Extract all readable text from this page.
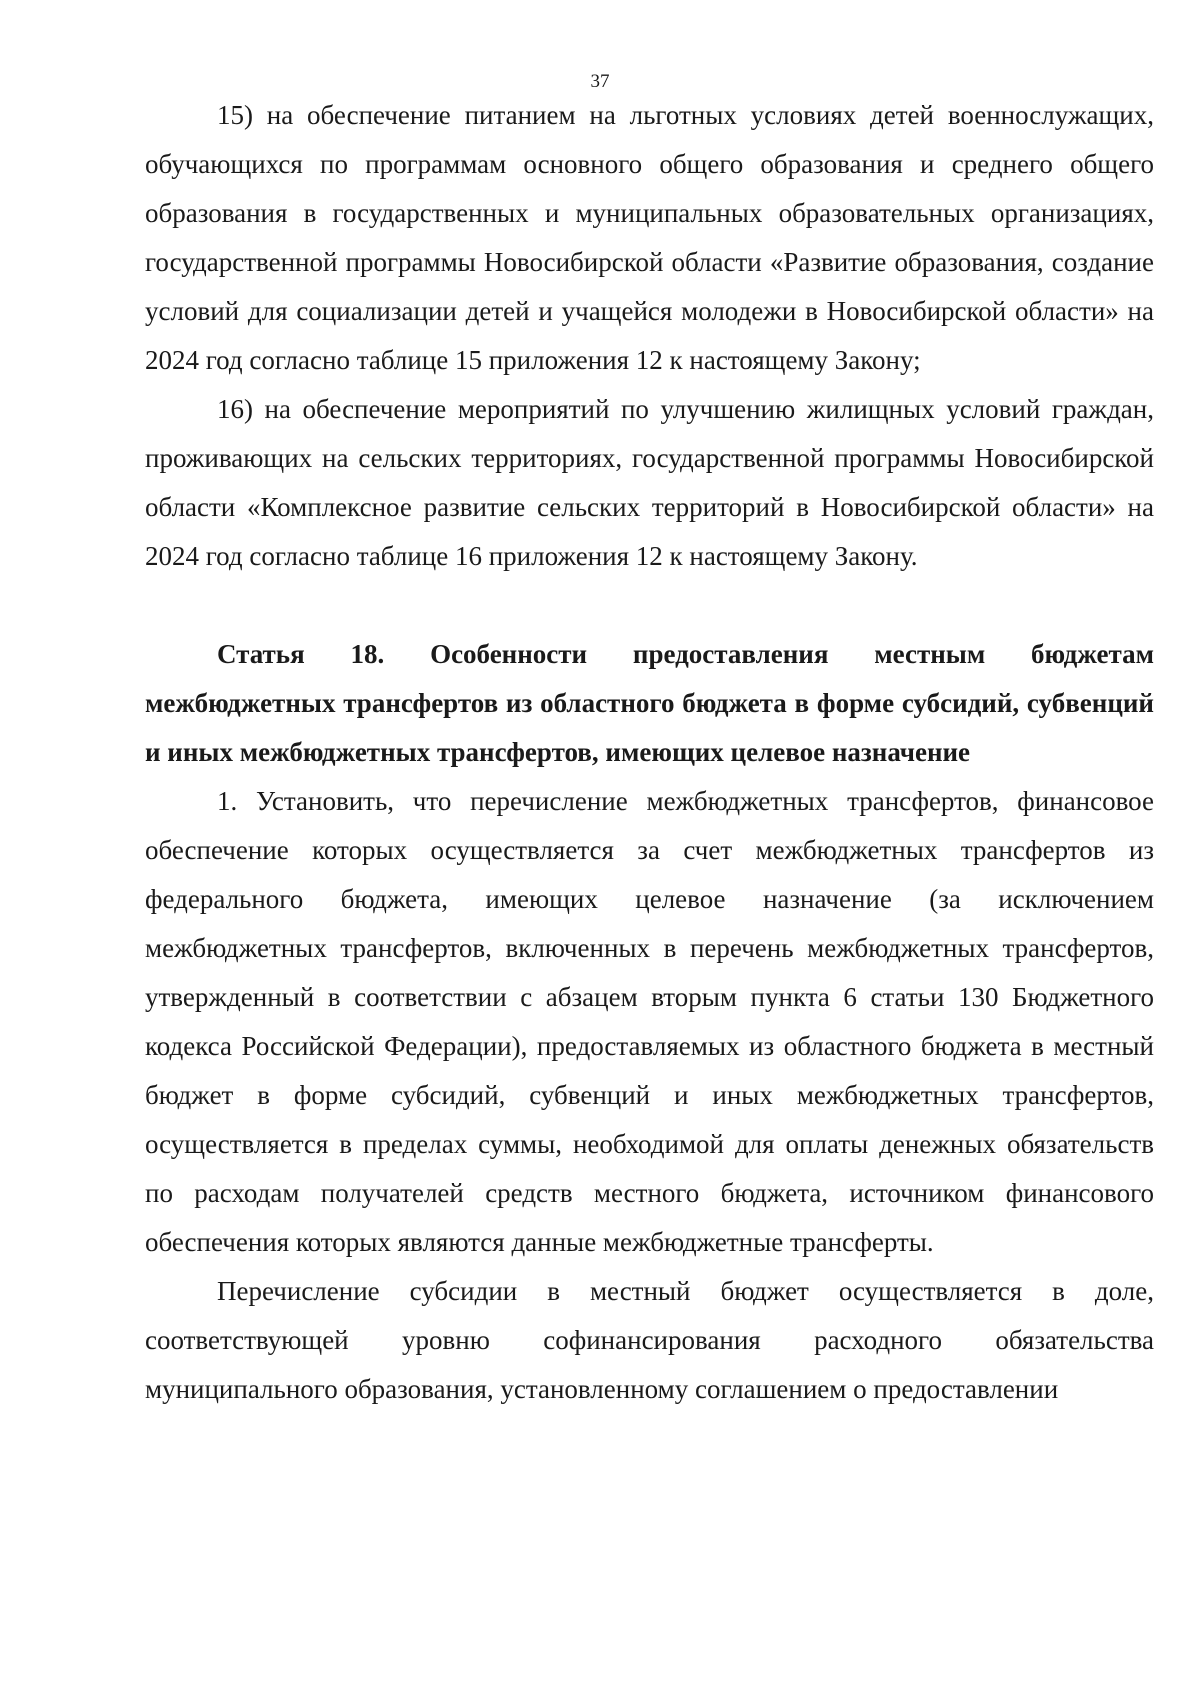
37

15) на обеспечение питанием на льготных условиях детей военнослужащих, обучающихся по программам основного общего образования и среднего общего образования в государственных и муниципальных образовательных организациях, государственной программы Новосибирской области «Развитие образования, создание условий для социализации детей и учащейся молодежи в Новосибирской области» на 2024 год согласно таблице 15 приложения 12 к настоящему Закону;

16) на обеспечение мероприятий по улучшению жилищных условий граждан, проживающих на сельских территориях, государственной программы Новосибирской области «Комплексное развитие сельских территорий в Новосибирской области» на 2024 год согласно таблице 16 приложения 12 к настоящему Закону.

Статья 18. Особенности предоставления местным бюджетам межбюджетных трансфертов из областного бюджета в форме субсидий, субвенций и иных межбюджетных трансфертов, имеющих целевое назначение

1. Установить, что перечисление межбюджетных трансфертов, финансовое обеспечение которых осуществляется за счет межбюджетных трансфертов из федерального бюджета, имеющих целевое назначение (за исключением межбюджетных трансфертов, включенных в перечень межбюджетных трансфертов, утвержденный в соответствии с абзацем вторым пункта 6 статьи 130 Бюджетного кодекса Российской Федерации), предоставляемых из областного бюджета в местный бюджет в форме субсидий, субвенций и иных межбюджетных трансфертов, осуществляется в пределах суммы, необходимой для оплаты денежных обязательств по расходам получателей средств местного бюджета, источником финансового обеспечения которых являются данные межбюджетные трансферты.

Перечисление субсидии в местный бюджет осуществляется в доле, соответствующей уровню софинансирования расходного обязательства муниципального образования, установленному соглашением о предоставлении
